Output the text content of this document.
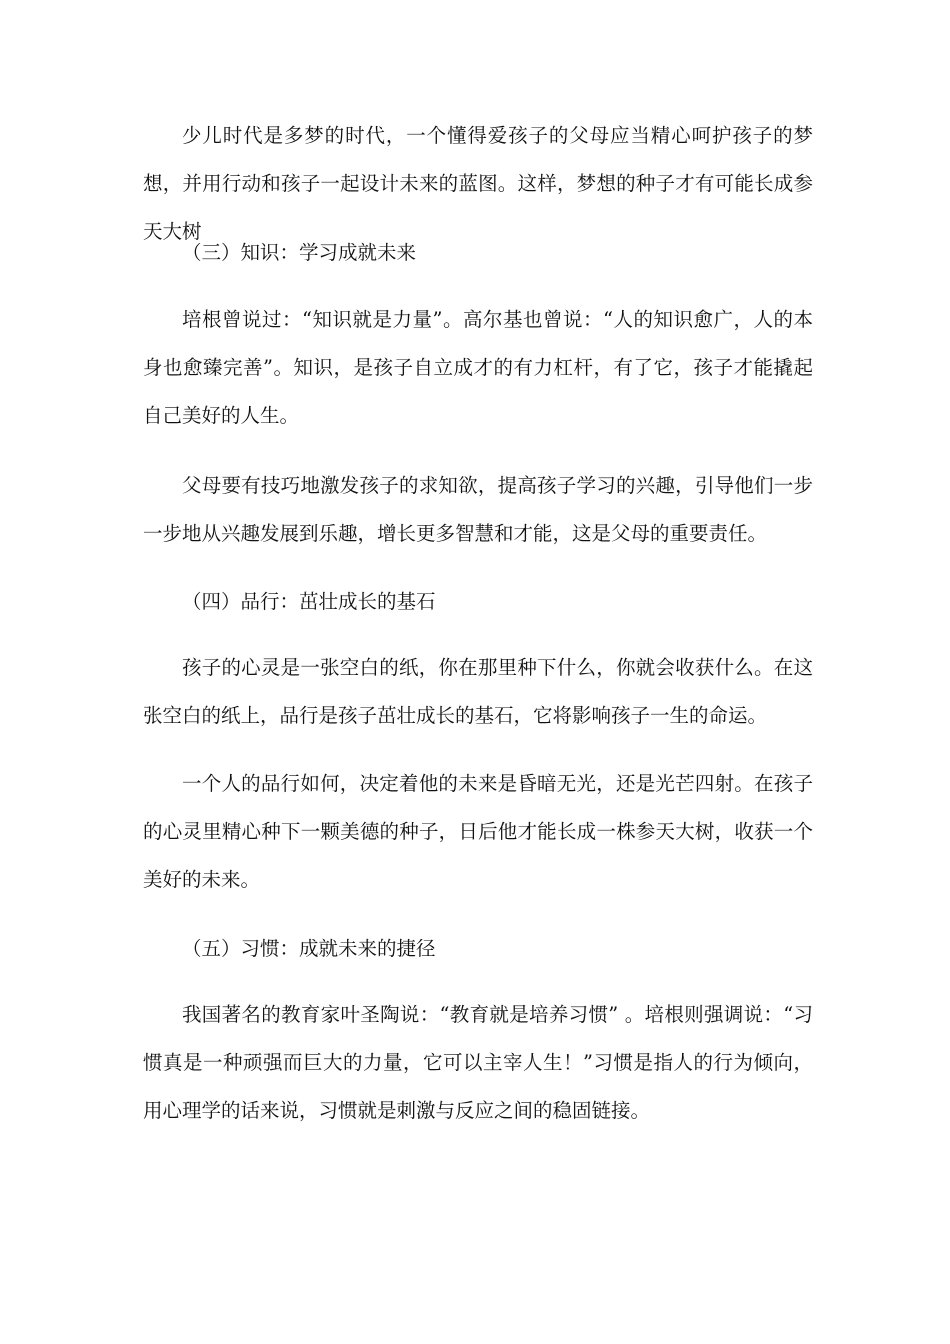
少儿时代是多梦的时代，一个懂得爱孩子的父母应当精心呵护孩子的梦想，并用行动和孩子一起设计未来的蓝图。这样，梦想的种子才有可能长成参天大树

（三）知识：学习成就未来

培根曾说过：“知识就是力量”。高尔基也曾说：“人的知识愈广，人的本身也愈臻完善”。知识，是孩子自立成才的有力杠杆，有了它，孩子才能撬起自己美好的人生。

父母要有技巧地激发孩子的求知欲，提高孩子学习的兴趣，引导他们一步一步地从兴趣发展到乐趣，增长更多智慧和才能，这是父母的重要责任。

（四）品行：茁壮成长的基石

孩子的心灵是一张空白的纸，你在那里种下什么，你就会收获什么。在这张空白的纸上，品行是孩子茁壮成长的基石，它将影响孩子一生的命运。

一个人的品行如何，决定着他的未来是昏暗无光，还是光芒四射。在孩子的心灵里精心种下一颗美德的种子，日后他才能长成一株参天大树，收获一个美好的未来。

（五）习惯：成就未来的捷径

我国著名的教育家叶圣陶说：“教育就是培养习惯” 。培根则强调说：“习惯真是一种顽强而巨大的力量，它可以主宰人生！”习惯是指人的行为倾向，用心理学的话来说，习惯就是刺激与反应之间的稳固链接。
